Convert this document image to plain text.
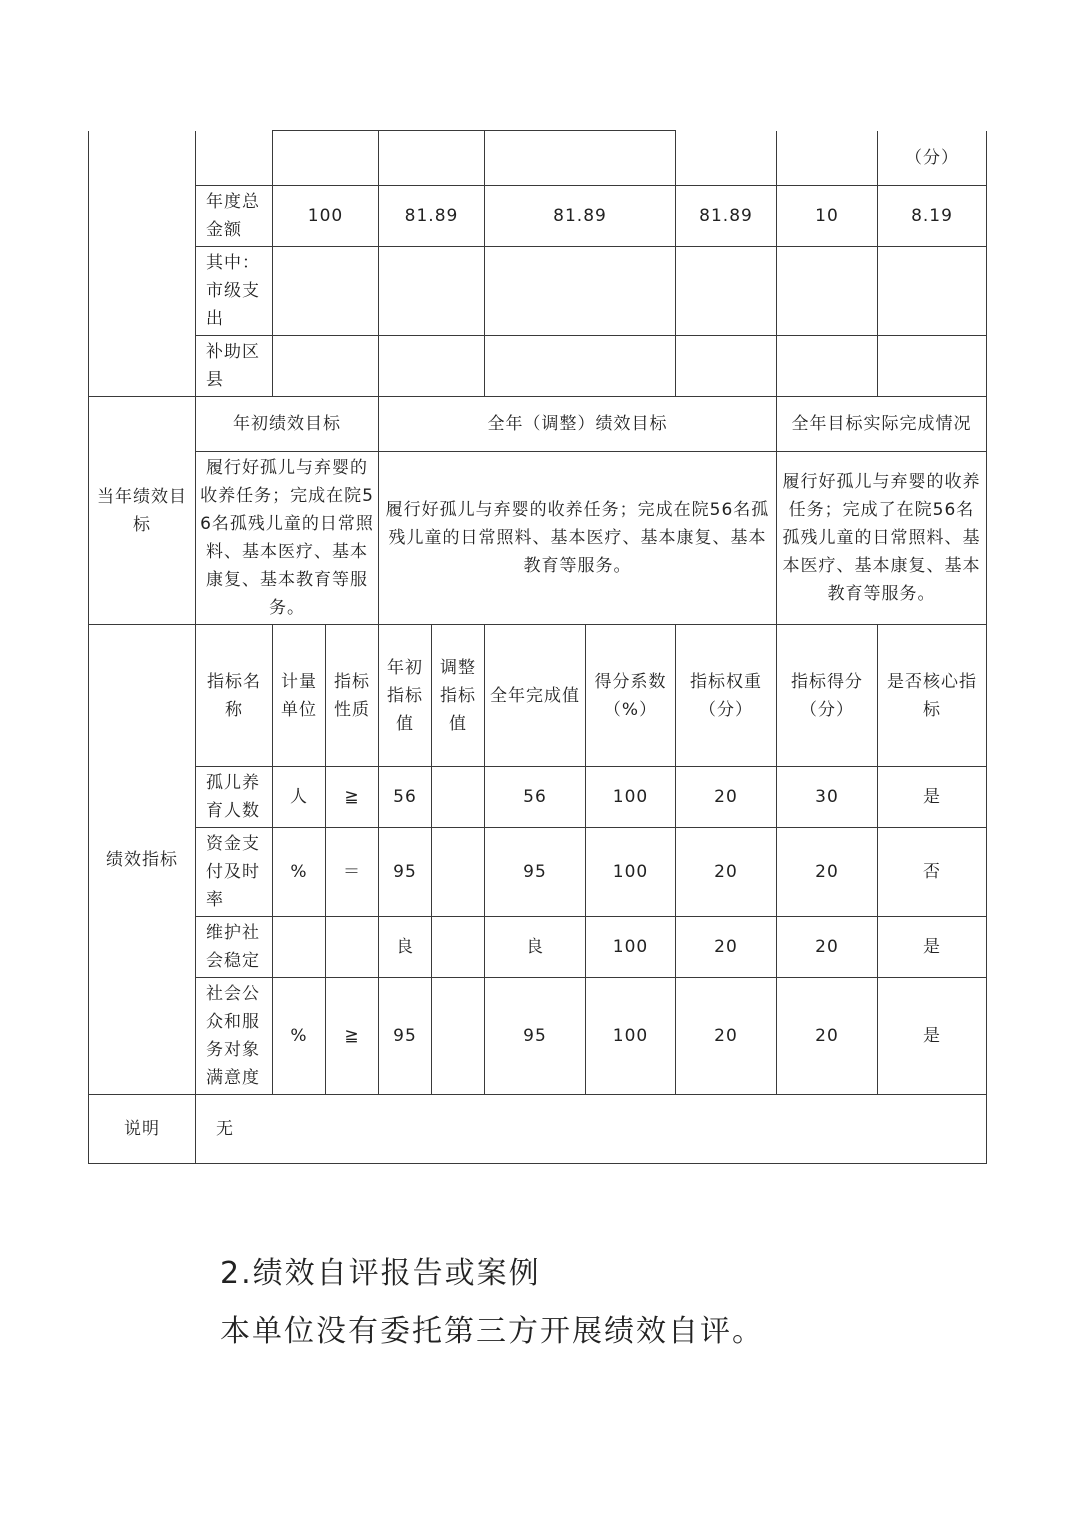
										（分）
	年度总金额	100		81.89		81.89		81.89	10	8.19
	其中：市级支出									
	补助区县									
当年绩效目标	年初绩效目标			全年（调整）绩效目标					全年目标实际完成情况	
	履行好孤儿与弃婴的收养任务；完成在院56名孤残儿童的日常照料、基本医疗、基本康复、基本教育等服务。			履行好孤儿与弃婴的收养任务；完成在院56名孤残儿童的日常照料、基本医疗、基本康复、基本教育等服务。					履行好孤儿与弃婴的收养任务；完成了在院56名孤残儿童的日常照料、基本医疗、基本康复、基本教育等服务。	
绩效指标	指标名称	计量单位	指标性质	年初指标值	调整指标值	全年完成值	得分系数（%）	指标权重（分）	指标得分（分）	是否核心指标
	孤儿养育人数	人	≧	56		56	100	20	30	是
	资金支付及时率	%	＝	95		95	100	20	20	否
	维护社会稳定			良		良	100	20	20	是
	社会公众和服务对象满意度	%	≧	95		95	100	20	20	是
说明	无									
2.绩效自评报告或案例
本单位没有委托第三方开展绩效自评。
